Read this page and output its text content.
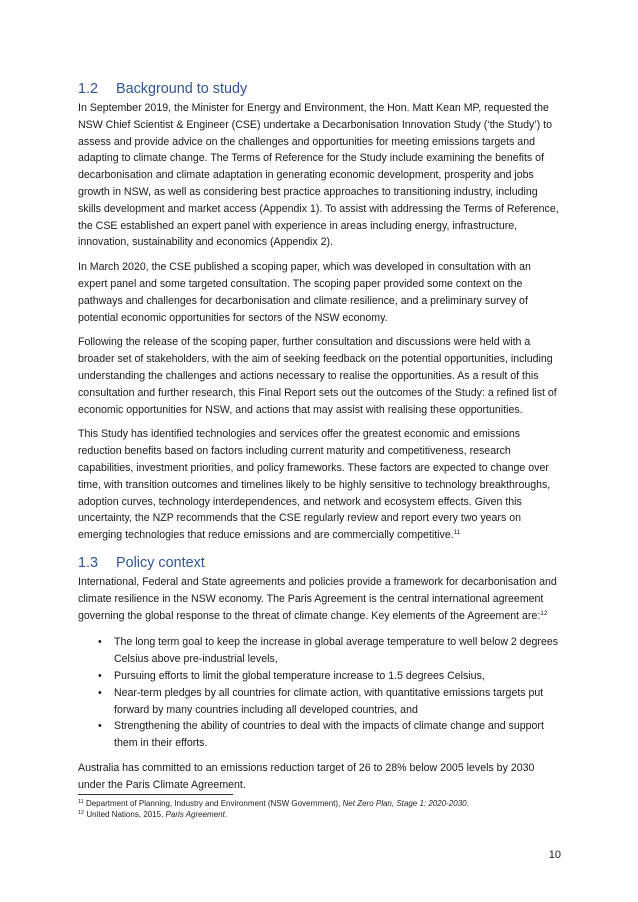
1.2 Background to study

In September 2019, the Minister for Energy and Environment, the Hon. Matt Kean MP, requested the NSW Chief Scientist & Engineer (CSE) undertake a Decarbonisation Innovation Study (‘the Study’) to assess and provide advice on the challenges and opportunities for meeting emissions targets and adapting to climate change. The Terms of Reference for the Study include examining the benefits of decarbonisation and climate adaptation in generating economic development, prosperity and jobs growth in NSW, as well as considering best practice approaches to transitioning industry, including skills development and market access (Appendix 1). To assist with addressing the Terms of Reference, the CSE established an expert panel with experience in areas including energy, infrastructure, innovation, sustainability and economics (Appendix 2).

In March 2020, the CSE published a scoping paper, which was developed in consultation with an expert panel and some targeted consultation. The scoping paper provided some context on the pathways and challenges for decarbonisation and climate resilience, and a preliminary survey of potential economic opportunities for sectors of the NSW economy.

Following the release of the scoping paper, further consultation and discussions were held with a broader set of stakeholders, with the aim of seeking feedback on the potential opportunities, including understanding the challenges and actions necessary to realise the opportunities. As a result of this consultation and further research, this Final Report sets out the outcomes of the Study: a refined list of economic opportunities for NSW, and actions that may assist with realising these opportunities.

This Study has identified technologies and services offer the greatest economic and emissions reduction benefits based on factors including current maturity and competitiveness, research capabilities, investment priorities, and policy frameworks. These factors are expected to change over time, with transition outcomes and timelines likely to be highly sensitive to technology breakthroughs, adoption curves, technology interdependences, and network and ecosystem effects. Given this uncertainty, the NZP recommends that the CSE regularly review and report every two years on emerging technologies that reduce emissions and are commercially competitive.$^{11}$

1.3 Policy context

International, Federal and State agreements and policies provide a framework for decarbonisation and climate resilience in the NSW economy. The Paris Agreement is the central international agreement governing the global response to the threat of climate change. Key elements of the Agreement are:$^{12}$

• The long term goal to keep the increase in global average temperature to well below 2 degrees Celsius above pre-industrial levels,
• Pursuing efforts to limit the global temperature increase to 1.5 degrees Celsius,
• Near-term pledges by all countries for climate action, with quantitative emissions targets put forward by many countries including all developed countries, and
• Strengthening the ability of countries to deal with the impacts of climate change and support them in their efforts.

Australia has committed to an emissions reduction target of 26 to 28% below 2005 levels by 2030 under the Paris Climate Agreement.

$^{11}$ Department of Planning, Industry and Environment (NSW Government), Net Zero Plan, Stage 1: 2020-2030.
$^{12}$ United Nations, 2015, Paris Agreement.
10
